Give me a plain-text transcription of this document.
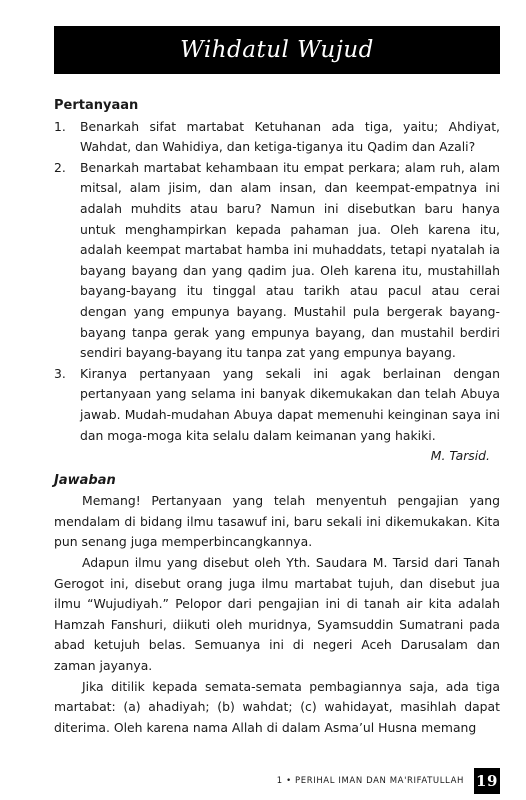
Wihdatul Wujud
Pertanyaan
1.	Benarkah sifat martabat Ketuhanan ada tiga, yaitu; Ahdiyat, Wahdat, dan Wahidiya, dan ketiga-tiganya itu Qadim dan Azali?
2.	Benarkah martabat kehambaan itu empat perkara; alam ruh, alam mitsal, alam jisim, dan alam insan, dan keempat-empatnya ini adalah muhdits atau baru? Namun ini disebutkan baru hanya untuk menghampirkan kepada pahaman jua. Oleh karena itu, adalah keempat martabat hamba ini muhaddats, tetapi nyatalah ia bayang bayang dan yang qadim jua. Oleh karena itu, mustahillah bayang-bayang itu tinggal atau tarikh atau pacul atau cerai dengan yang empunya bayang. Mustahil pula bergerak bayang-bayang tanpa gerak yang empunya bayang, dan mustahil berdiri sendiri bayang-bayang itu tanpa zat yang empunya bayang.
3.	Kiranya pertanyaan yang sekali ini agak berlainan dengan pertanyaan yang selama ini banyak dikemukakan dan telah Abuya jawab. Mudah-mudahan Abuya dapat memenuhi keinginan saya ini dan moga-moga kita selalu dalam keimanan yang hakiki.
M. Tarsid.
Jawaban

Memang! Pertanyaan yang telah menyentuh pengajian yang mendalam di bidang ilmu tasawuf ini, baru sekali ini dikemukakan. Kita pun senang juga memperbincangkannya.

Adapun ilmu yang disebut oleh Yth. Saudara M. Tarsid dari Tanah Gerogot ini, disebut orang juga ilmu martabat tujuh, dan disebut jua ilmu “Wujudiyah.” Pelopor dari pengajian ini di tanah air kita adalah Hamzah Fanshuri, diikuti oleh muridnya, Syamsuddin Sumatrani pada abad ketujuh belas. Semuanya ini di negeri Aceh Darusalam dan zaman jayanya.

Jika ditilik kepada semata-semata pembagiannya saja, ada tiga martabat: (a) ahadiyah; (b) wahdat; (c) wahidayat, masihlah dapat diterima. Oleh karena nama Allah di dalam Asma’ul Husna memang

1 • PERIHAL IMAN DAN MA'RIFATULLAH 19
